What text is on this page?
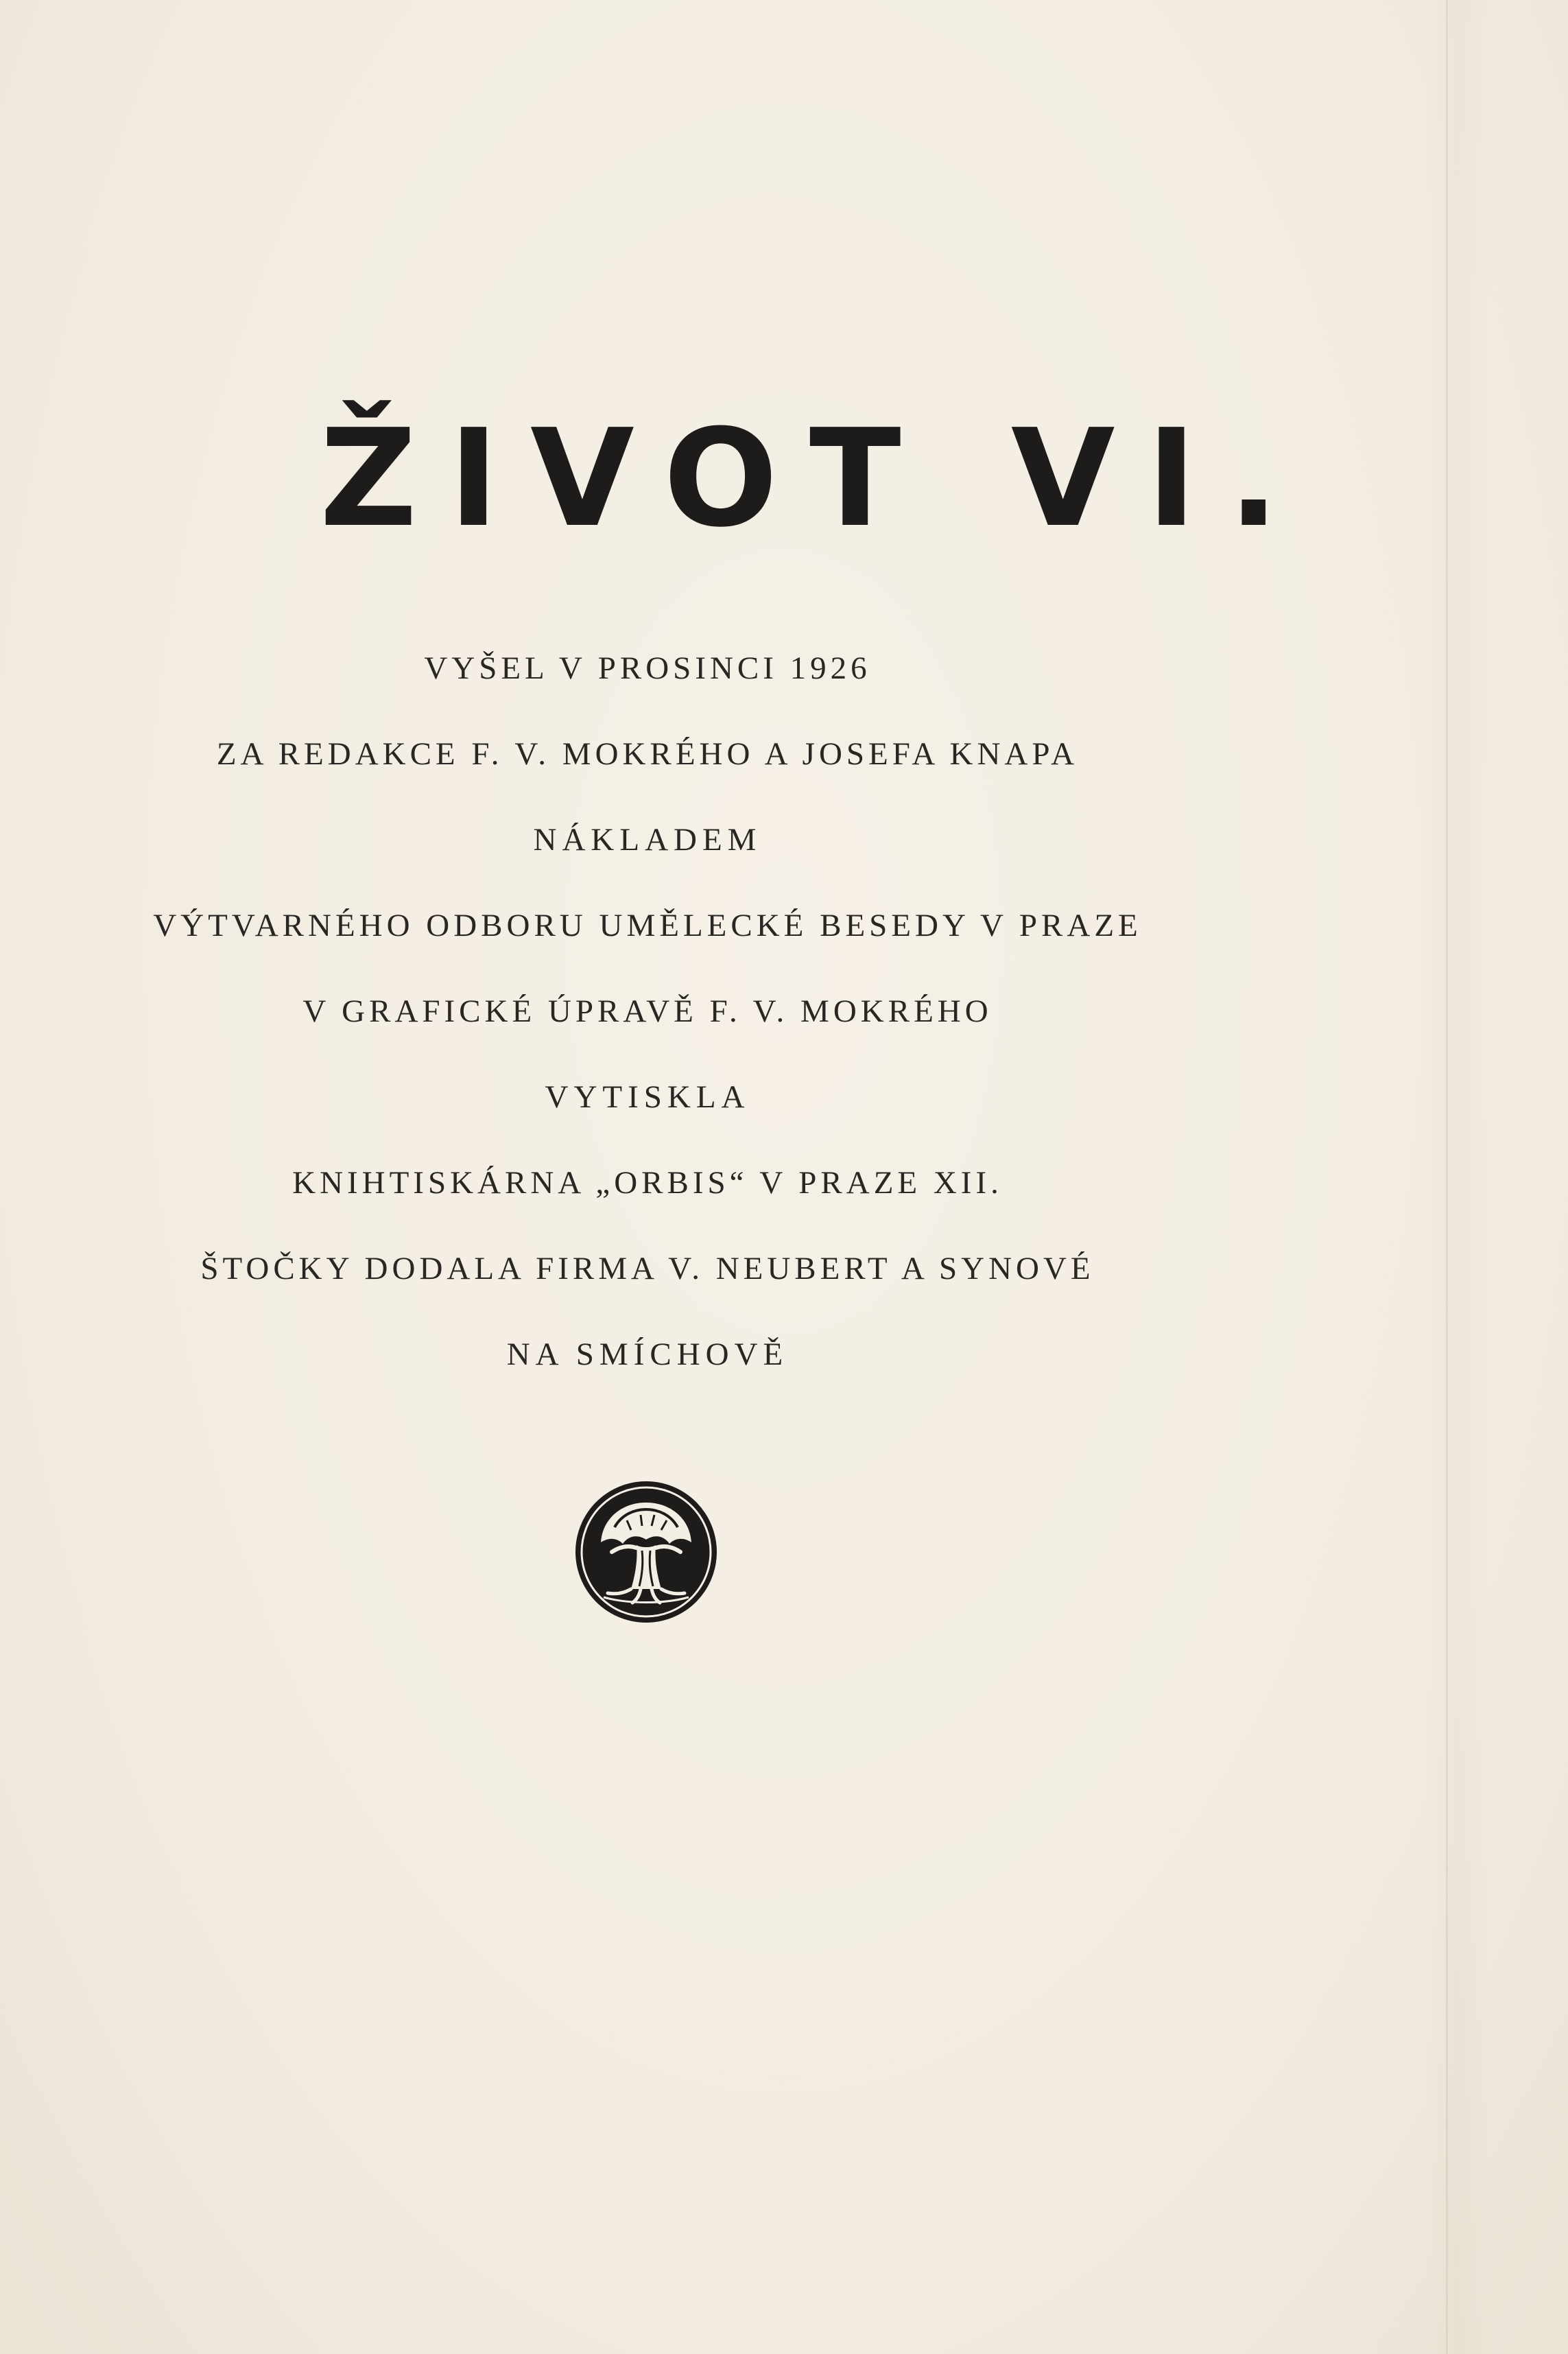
ŽIVOT VI.
VYŠEL V PROSINCI 1926
ZA REDAKCE F. V. MOKRÉHO A JOSEFA KNAPA
NÁKLADEM
VÝTVARNÉHO ODBORU UMĚLECKÉ BESEDY V PRAZE
V GRAFICKÉ ÚPRAVĚ F. V. MOKRÉHO
VYTISKLA
KNIHTISKÁRNA „ORBIS“ V PRAZE XII.
ŠTOČKY DODALA FIRMA V. NEUBERT A SYNOVÉ
NA SMÍCHOVĚ
